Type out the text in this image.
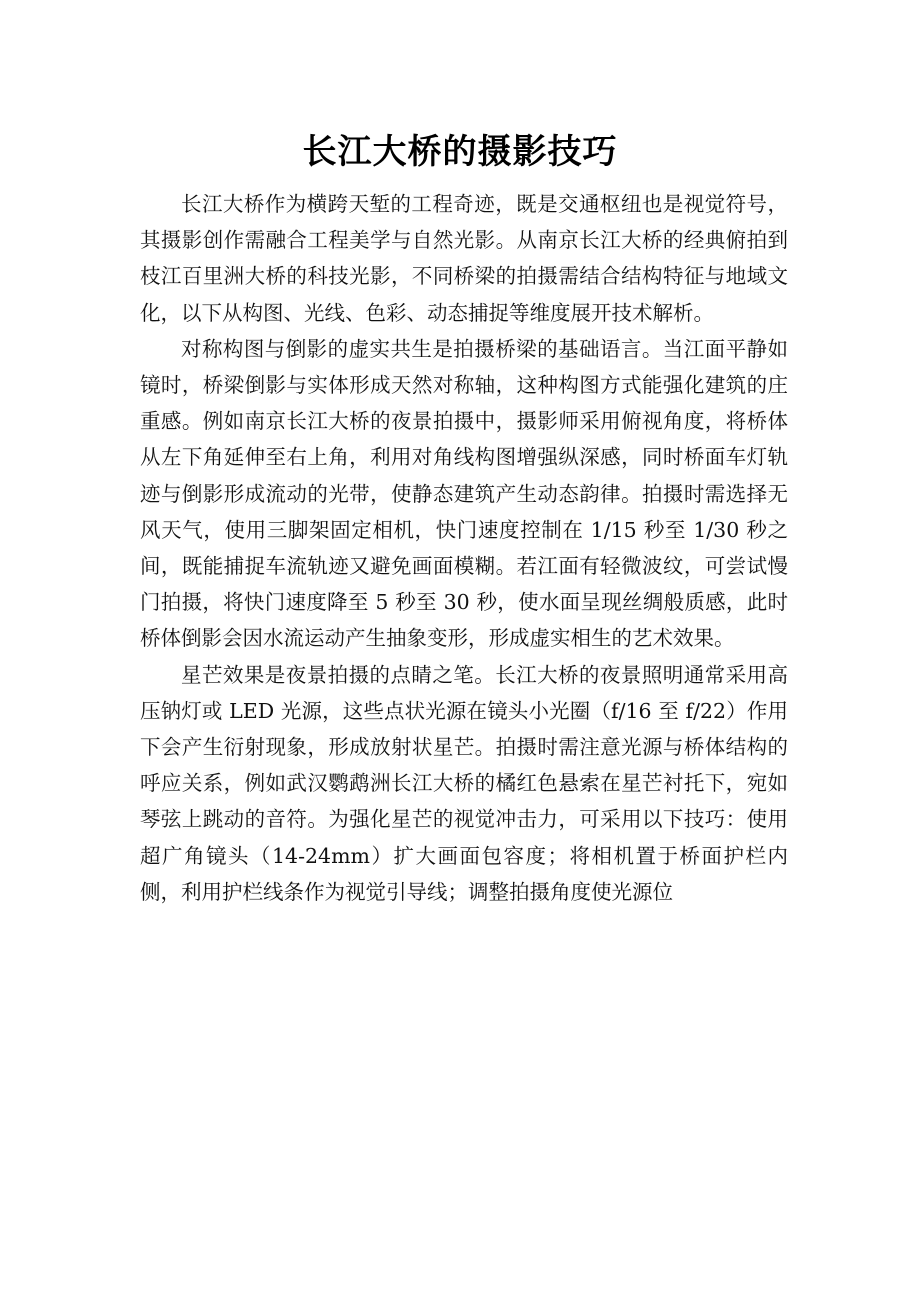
长江大桥的摄影技巧

长江大桥作为横跨天堑的工程奇迹，既是交通枢纽也是视觉符号，其摄影创作需融合工程美学与自然光影。从南京长江大桥的经典俯拍到枝江百里洲大桥的科技光影，不同桥梁的拍摄需结合结构特征与地域文化，以下从构图、光线、色彩、动态捕捉等维度展开技术解析。

对称构图与倒影的虚实共生是拍摄桥梁的基础语言。当江面平静如镜时，桥梁倒影与实体形成天然对称轴，这种构图方式能强化建筑的庄重感。例如南京长江大桥的夜景拍摄中，摄影师采用俯视角度，将桥体从左下角延伸至右上角，利用对角线构图增强纵深感，同时桥面车灯轨迹与倒影形成流动的光带，使静态建筑产生动态韵律。拍摄时需选择无风天气，使用三脚架固定相机，快门速度控制在 1/15 秒至 1/30 秒之间，既能捕捉车流轨迹又避免画面模糊。若江面有轻微波纹，可尝试慢门拍摄，将快门速度降至 5 秒至 30 秒，使水面呈现丝绸般质感，此时桥体倒影会因水流运动产生抽象变形，形成虚实相生的艺术效果。

星芒效果是夜景拍摄的点睛之笔。长江大桥的夜景照明通常采用高压钠灯或 LED 光源，这些点状光源在镜头小光圈（f/16 至 f/22）作用下会产生衍射现象，形成放射状星芒。拍摄时需注意光源与桥体结构的呼应关系，例如武汉鹦鹉洲长江大桥的橘红色悬索在星芒衬托下，宛如琴弦上跳动的音符。为强化星芒的视觉冲击力，可采用以下技巧：使用超广角镜头（14-24mm）扩大画面包容度；将相机置于桥面护栏内侧，利用护栏线条作为视觉引导线；调整拍摄角度使光源位
